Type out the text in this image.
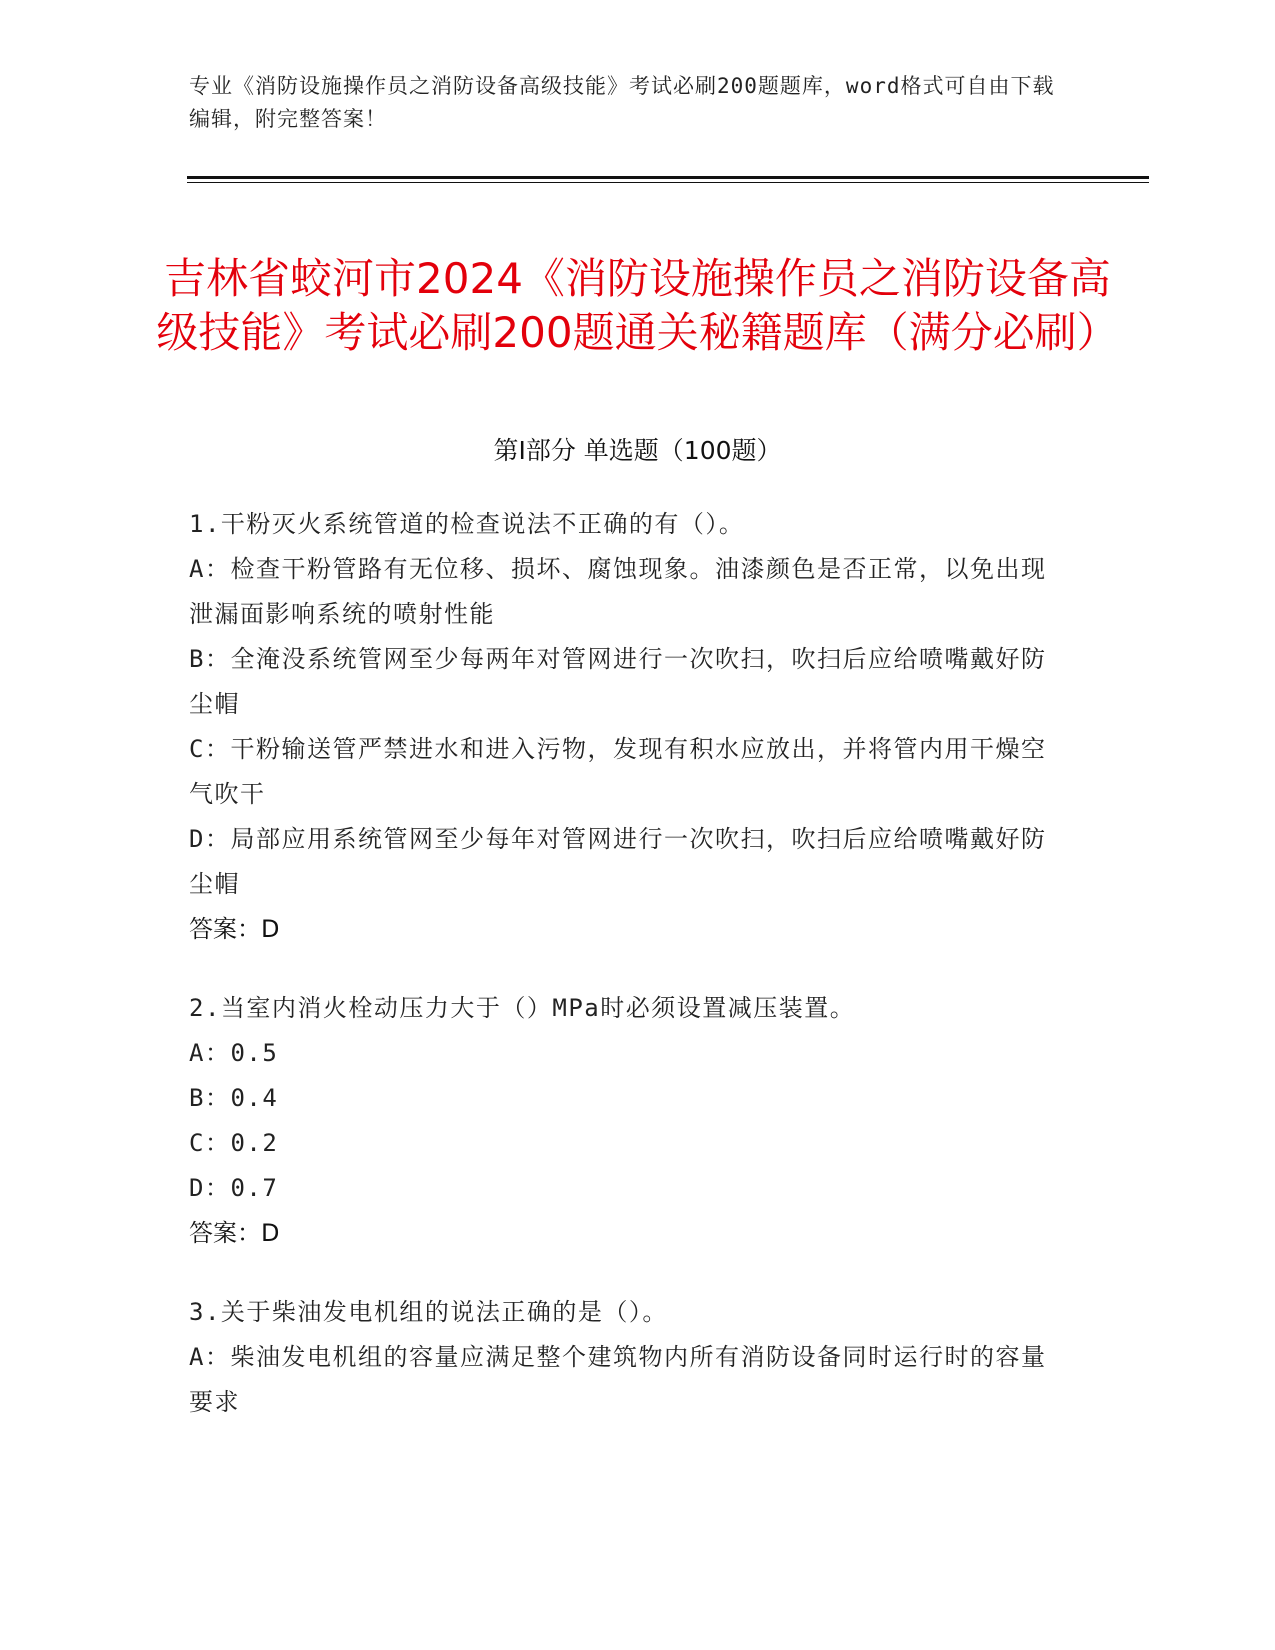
专业《消防设施操作员之消防设备高级技能》考试必刷200题题库，word格式可自由下载编辑，附完整答案！
吉林省蛟河市2024《消防设施操作员之消防设备高级技能》考试必刷200题通关秘籍题库（满分必刷）
第Ⅰ部分 单选题（100题）

1.干粉灭火系统管道的检查说法不正确的有（）。

A：检查干粉管路有无位移、损坏、腐蚀现象。油漆颜色是否正常，以免出现泄漏面影响系统的喷射性能

B：全淹没系统管网至少每两年对管网进行一次吹扫，吹扫后应给喷嘴戴好防尘帽

C：干粉输送管严禁进水和进入污物，发现有积水应放出，并将管内用干燥空气吹干

D：局部应用系统管网至少每年对管网进行一次吹扫，吹扫后应给喷嘴戴好防尘帽

答案：D

2.当室内消火栓动压力大于（）MPa时必须设置减压装置。

A：0.5

B：0.4

C：0.2

D：0.7

答案：D

3.关于柴油发电机组的说法正确的是（）。

A：柴油发电机组的容量应满足整个建筑物内所有消防设备同时运行时的容量要求
